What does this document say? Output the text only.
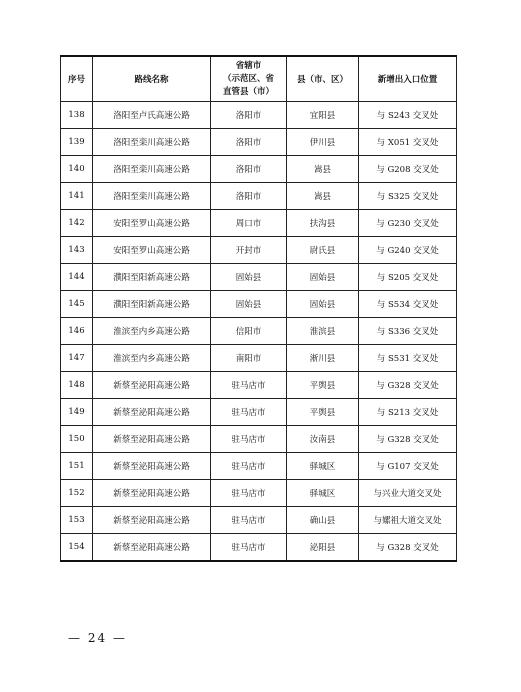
序号	路线名称	省辖市
（示范区、省
直管县（市）	县（市、区）	新增出入口位置
138	洛阳至卢氏高速公路	洛阳市	宜阳县	与 S243 交叉处
139	洛阳至栾川高速公路	洛阳市	伊川县	与 X051 交叉处
140	洛阳至栾川高速公路	洛阳市	嵩县	与 G208 交叉处
141	洛阳至栾川高速公路	洛阳市	嵩县	与 S325 交叉处
142	安阳至罗山高速公路	周口市	扶沟县	与 G230 交叉处
143	安阳至罗山高速公路	开封市	尉氏县	与 G240 交叉处
144	濮阳至阳新高速公路	固始县	固始县	与 S205 交叉处
145	濮阳至阳新高速公路	固始县	固始县	与 S534 交叉处
146	淮滨至内乡高速公路	信阳市	淮滨县	与 S336 交叉处
147	淮滨至内乡高速公路	南阳市	淅川县	与 S531 交叉处
148	新蔡至泌阳高速公路	驻马店市	平舆县	与 G328 交叉处
149	新蔡至泌阳高速公路	驻马店市	平舆县	与 S213 交叉处
150	新蔡至泌阳高速公路	驻马店市	汝南县	与 G328 交叉处
151	新蔡至泌阳高速公路	驻马店市	驿城区	与 G107 交叉处
152	新蔡至泌阳高速公路	驻马店市	驿城区	与兴业大道交叉处
153	新蔡至泌阳高速公路	驻马店市	确山县	与嫘祖大道交叉处
154	新蔡至泌阳高速公路	驻马店市	泌阳县	与 G328 交叉处
— 24 —
